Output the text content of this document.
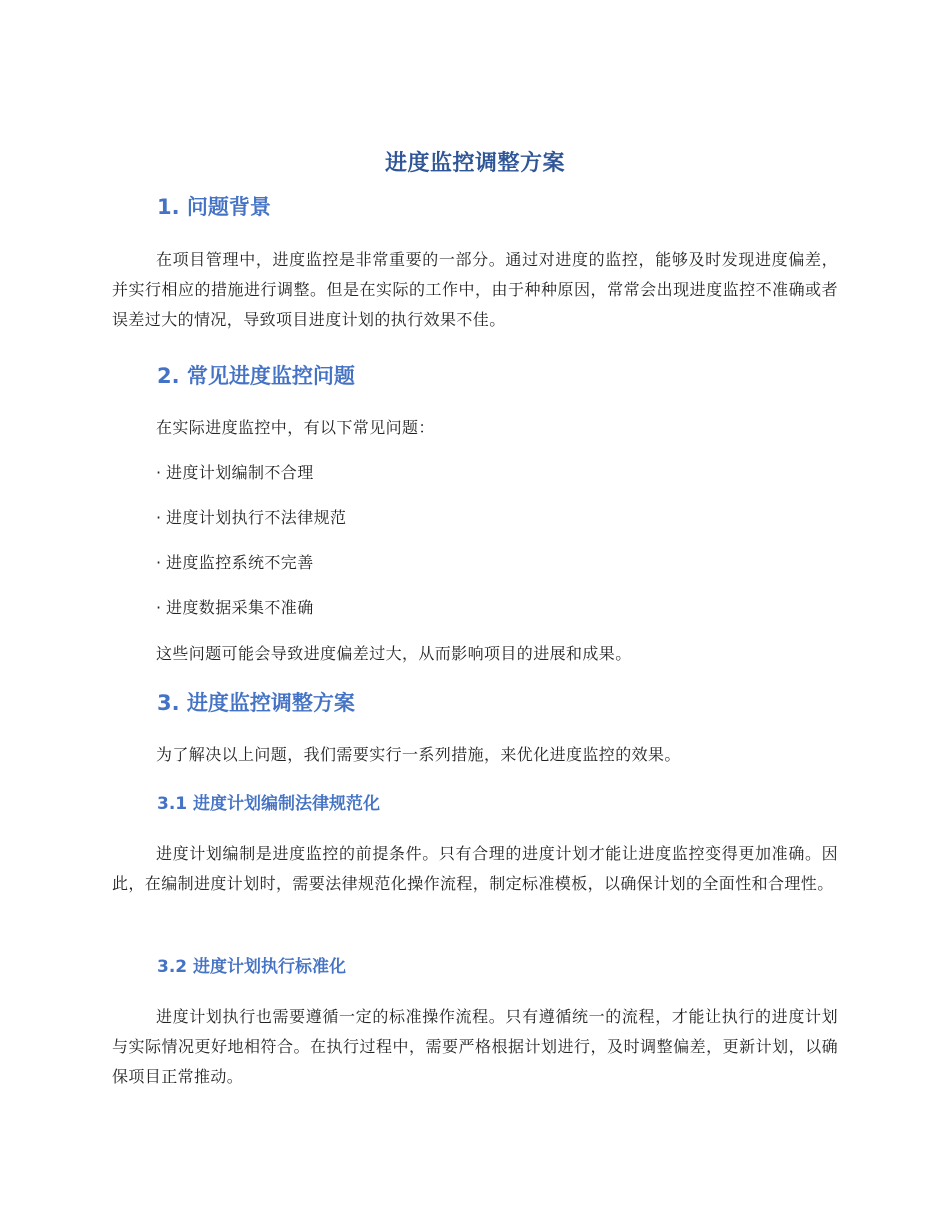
进度监控调整方案
1. 问题背景
在项目管理中，进度监控是非常重要的一部分。通过对进度的监控，能够及时发现进度偏差，并实行相应的措施进行调整。但是在实际的工作中，由于种种原因，常常会出现进度监控不准确或者误差过大的情况，导致项目进度计划的执行效果不佳。
2. 常见进度监控问题
在实际进度监控中，有以下常见问题：
· 进度计划编制不合理
· 进度计划执行不法律规范
· 进度监控系统不完善
· 进度数据采集不准确
这些问题可能会导致进度偏差过大，从而影响项目的进展和成果。
3. 进度监控调整方案
为了解决以上问题，我们需要实行一系列措施，来优化进度监控的效果。
3.1 进度计划编制法律规范化
进度计划编制是进度监控的前提条件。只有合理的进度计划才能让进度监控变得更加准确。因此，在编制进度计划时，需要法律规范化操作流程，制定标准模板，以确保计划的全面性和合理性。
3.2 进度计划执行标准化
进度计划执行也需要遵循一定的标准操作流程。只有遵循统一的流程，才能让执行的进度计划与实际情况更好地相符合。在执行过程中，需要严格根据计划进行，及时调整偏差，更新计划，以确保项目正常推动。
